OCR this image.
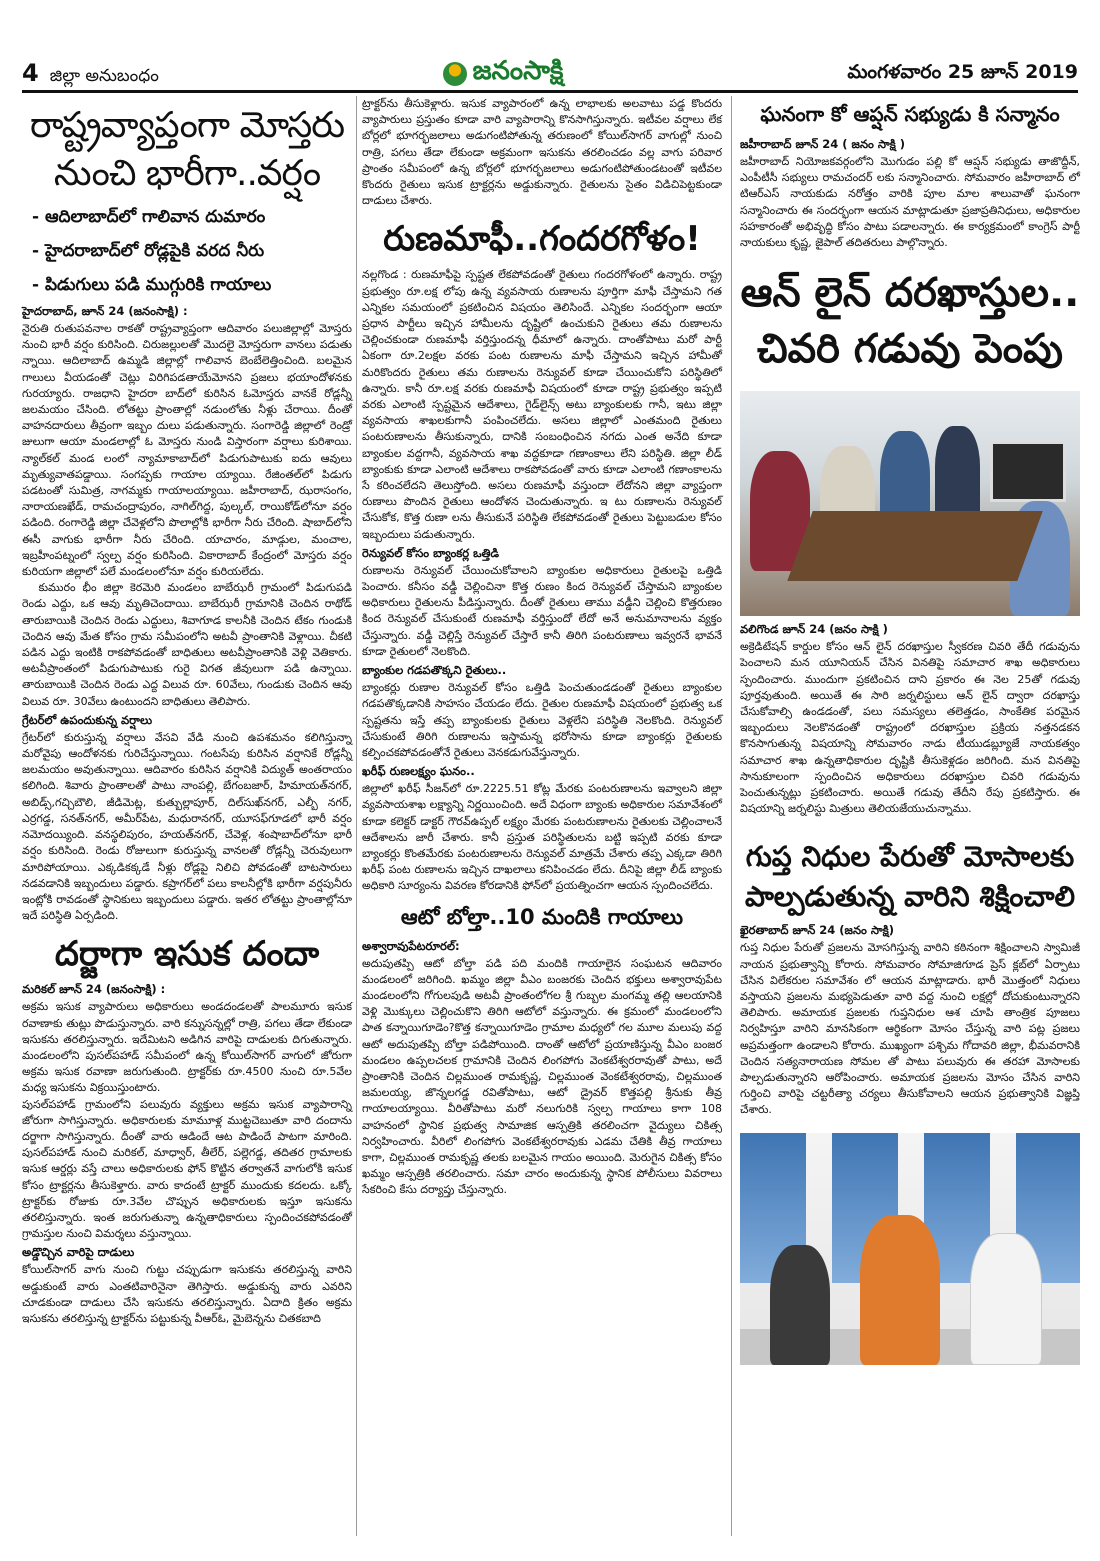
4 జిల్లా అనుబంధం	జనంసాక్షి	మంగళవారం 25 జూన్ 2019
రాష్ట్రవ్యాప్తంగా మోస్తరు నుంచి భారీగా..వర్షం
- ఆదిలాబాద్‌లో గాలివాన దుమారం
- హైదరాబాద్‌లో రోడ్లపైకి వరద నీరు
- పిడుగులు పడి ముగ్గురికి గాయాలు

హైదరాబాద్‌, జూన్‌ 24 (జనంసాక్షి) :

నైరుతి రుతుపవనాల రాకతో రాష్ట్రవ్యాప్తంగా ఆదివారం పలుజిల్లాల్లో మోస్తరు నుంచి భారీ వర్షం కురిసింది. చిరుజల్లులతో మొదలై మోస్తరుగా వానలు పడుతు న్నాయి. ఆదిలాబాద్‌ ఉమ్మడి జిల్లాల్లో గాలివాన బెంబేలెత్తించింది. బలమైన గాలులు వీయడంతో చెట్లు విరిగిపడతాయేమోనని ప్రజలు భయాందోళనకు గురయ్యారు. రాజధాని హైదరా బాద్‌లో కురిసిన ఓమోస్తరు వానకే రోడ్లన్నీ జలమయం చేసింది. లోతట్టు ప్రాంతాల్లో నడుంలోతు నీళ్లు చేరాయి. దీంతో వాహనదారులు తీవ్రంగా ఇబ్బం దులు పడుతున్నారు. సంగారెడ్డి జిల్లాలో రెండ్రో జులుగా ఆయా మండలాల్లో ఓ మోస్తరు నుండి విస్తారంగా వర్షాలు కురిశాయి. న్యాల్‌కల్‌ మండ లంలో న్యామాకాబాద్‌లో పిడుగుపాటుకు ఐదు ఆవులు మృత్యువాతపడ్డాయి. సంగప్పకు గాయాల య్యాయి. రేజింతల్‌లో పిడుగు పడటంతో సుమిత్ర, నాగమ్మకు గాయాలయ్యాయి. జహీరాబాద్‌, ఝరాసంగం, నారాయణఖేడ్‌, రామచంద్రాపురం, నాగిల్‌గిద్ద, పుల్కల్‌, రాయికోడ్‌లోనూ వర్షం పడింది. రంగారెడ్డి జిల్లా చేవెళ్లలోని పొలాల్లోకి భారీగా నీరు చేరింది. షాబాద్‌లోని ఈసీ వాగుకు భారీగా నీరు చేరింది. యాచారం, మాడ్గుల, మంచాల, ఇబ్రహీంపట్నంలో స్వల్ప వర్షం కురిసింది. వికారాబాద్‌ కేంద్రంలో మోస్తరు వర్షం కురియగా జిల్లాలో పలే మండలంలోనూ వర్షం కురియలేదు.

కుమురం భీం జిల్లా కెరమెరి మండలం బాబేఝరీ గ్రామంలో పిడుగుపడి రెండు ఎద్దు, ఒక ఆవు మృతిచెందాయి. బాబేఝరీ గ్రామానికి చెందిన రాథోడ్‌ తారుబాయికి చెందిన రెండు ఎద్దులు, శివాగూడ కాలనీకి చెందిన టేకం గుండుకి చెందిన ఆవు మేత కోసం గ్రామ సమీపంలోని అటవీ ప్రాంతానికి వెళ్లాయి. చీకటి పడిన ఎద్దు ఇంటికి రాకపోవడంతో బాధితులు అటవీప్రాంతానికి వెళ్లి వెతికారు. అటవీప్రాంతంలో పిడుగుపాటుకు గురై విగత జీవులుగా పడి ఉన్నాయి. తారుబాయికి చెందిన రెండు ఎద్ద విలువ రూ. 60వేలు, గుండుకు చెందిన ఆవు విలువ రూ. 30వేలు ఉంటుందని బాధితులు తెలిపారు.

గ్రేటర్‌లో ఉపందుకున్న వర్షాలు

గ్రేటర్‌లో కురుస్తున్న వర్షాలు వేసవి వేడి నుంచి ఉపశమనం కలిగిస్తున్నా మరోవైపు ఆందోళనకు గురిచేస్తున్నాయి. గంటసేపు కురిసిన వర్షానికే రోడ్లన్నీ జలమయం అవుతున్నాయి. ఆదివారం కురిసిన వర్షానికి విద్యుత్‌ అంతరాయం కలిగింది. శివారు ప్రాంతాలతో పాటు నాంపల్లి, బేగంబజార్‌, హిమాయత్‌నగర్‌, అబిడ్స్‌,గచ్చిబౌలి, జీడిమెట్ల, కుత్బుల్లాపూర్‌, దిల్‌సుఖ్‌నగర్‌, ఎల్బీ నగర్‌, ఎర్రగడ్డ, సనత్‌నగర్‌, అమీర్‌పేట, మధురానగర్‌, యూసఫ్‌గూడలో భారీ వర్షం నమోదయ్యింది. వనస్థలిపురం, హయత్‌నగర్‌, చేవెళ్ల, శంషాబాద్‌లోనూ భారీ వర్షం కురిసింది. రెండు రోజులుగా కురుస్తున్న వానలతో రోడ్లన్నీ చెరువులుగా మారిపోయాయి. ఎక్కడికక్కడే నీళ్లు రోడ్లపై నిలిచి పోవడంతో బాటసారులు నడవడానికి ఇబ్బందులు పడ్డారు. కప్రాగర్‌లో పలు కాలనీల్లోకి భారీగా వర్షపునీరు ఇంట్లోకి రావడంతో స్థానికులు ఇబ్బందులు పడ్డారు. ఇతర లోతట్టు ప్రాంతాల్లోనూ ఇదే పరిస్థితి ఏర్పడింది.

దర్జాగా ఇసుక దందా

మరికల్‌ జూన్‌ 24 (జనంసాక్షి) :

అక్రమ ఇసుక వ్యాపారులు అధికారులు అండదండలతో పాలమూరు ఇసుక రవాణాకు తుట్లు పొడుస్తున్నారు. వారి కన్నుసన్నల్లో రాత్రి, పగలు తేడా లేకుండా ఇసుకను తరలిస్తున్నారు. ఇదేమిటని అడిగిన వారిపై దాడులకు దిగుతున్నారు. మండలంలోని పుసల్‌పహాడ్‌ సమీపంలో ఉన్న కోయిల్‌సాగర్‌ వాగులో జోరుగా అక్రమ ఇసుక రవాణా జరుగుతుంది. ట్రాక్టర్‌కు రూ.4500 నుంచి రూ.5వేల మధ్య ఇసుకను విక్రయిస్తుంటారు.

పుసల్‌పహాడ్‌ గ్రామంలోని పలువురు వ్యక్తులు అక్రమ ఇసుక వ్యాపారాన్ని జోరుగా సాగిస్తున్నారు. అధికారులకు మామూళ్ల ముట్టచెబుతూ వారి దందాను దర్జాగా సాగిస్తున్నారు. దీంతో వారు ఆడిందే ఆట పాడిందే పాటగా మారింది. పుసల్‌పహాడ్‌ నుంచి మరికల్‌, మాధ్వార్‌, తీలేర్‌, పల్లెగడ్డ, తదితర గ్రామాలకు ఇసుక ఆర్డర్లు వస్తే చాలు అధికారులకు ఫోన్‌ కొట్టిన తర్వాతనే వాగులోకి ఇసుక కోసం ట్రాక్టర్లను తీసుకెళ్తారు. వారు కాదంటే ట్రాక్టర్‌ ముందుకు కదలదు. ఒక్కో ట్రాక్టర్‌కు రోజుకు రూ.3వేల చొప్పున అధికారులకు ఇస్తూ ఇసుకను తరలిస్తున్నారు. ఇంత జరుగుతున్నా ఉన్నతాధికారులు స్పందించకపోవడంతో గ్రామస్తుల నుంచి విమర్శలు వస్తున్నాయి.

అడ్డొచ్చిన వారిపై దాడులు

కోయిల్‌సాగర్‌ వాగు నుంచి గుట్టు చప్పుడుగా ఇసుకను తరలిస్తున్న వారిని అడ్డుకుంటే వారు ఎంతటివారినైనా తెగిస్తారు. అడ్డుకున్న వారు ఎవరిని చూడకుండా దాడులు చేసి ఇసుకను తరలిస్తున్నారు. ఏదాది క్రితం అక్రమ ఇసుకను తరలిస్తున్న ట్రాక్టర్‌ను పట్టుకున్న వీఆర్‌ఓ, మైబెన్నను చితకబాది

ట్రాక్టర్‌ను తీసుకెళ్లారు. ఇసుక వ్యాపారంలో ఉన్న లాభాలకు అలవాటు పడ్డ కొందరు వ్యాపారులు ప్రస్తుతం కూడా వారి వ్యాపారాన్ని కొనసాగిస్తున్నారు. ఇటీవల వర్షాలు లేక బోర్లలో భూగర్భజలాలు అడుగంటిపోతున్న తరుణంలో కోయిల్‌సాగర్‌ వాగుల్లో నుంచి రాత్రి, పగలు తేడా లేకుండా అక్రమంగా ఇసుకను తరలించడం వల్ల వాగు పరివార ప్రాంతం సమీపంలో ఉన్న బోర్లలో భూగర్భజలాలు అడుగంటిపోతుండటంతో ఇటీవల కొందరు రైతులు ఇసుక ట్రాక్టర్లను అడ్డుకున్నారు. రైతులను సైతం విడిచిపెట్టకుండా దాడులు చేశారు.

రుణమాఫీ..గందరగోళం!

నల్లగొండ : రుణమాఫీపై స్పష్టత లేకపోవడంతో రైతులు గందరగోళంలో ఉన్నారు. రాష్ట్ర ప్రభుత్వం రూ.లక్ష లోపు ఉన్న వ్యవసాయ రుణాలను పూర్తిగా మాఫీ చేస్తామని గత ఎన్నికల సమయంలో ప్రకటించిన విషయం తెలిసిందే. ఎన్నికల సందర్భంగా ఆయా ప్రధాన పార్టీలు ఇచ్చిన హామీలను దృష్టిలో ఉంచుకుని రైతులు తమ రుణాలను చెల్లించకుండా రుణమాఫీ వర్తిస్తుందన్న ధీమాలో ఉన్నారు. దాంతోపాటు మరో పార్టీ ఏకంగా రూ.2లక్షల వరకు పంట రుణాలను మాఫీ చేస్తామని ఇచ్చిన హామీతో మరికొందరు రైతులు తమ రుణాలను రెన్యువల్‌ కూడా చేయించుకోని పరిస్థితిలో ఉన్నారు. కానీ రూ.లక్ష వరకు రుణమాఫీ విషయంలో కూడా రాష్ట్ర ప్రభుత్వం ఇప్పటి వరకు ఎలాంటి స్పష్టమైన ఆదేశాలు, గైడ్‌లైన్స్‌ అటు బ్యాంకులకు గానీ, ఇటు జిల్లా వ్యవసాయ శాఖలకుగానీ పంపించలేదు. అసలు జిల్లాలో ఎంతమంది రైతులు పంటరుణాలను తీసుకున్నారు, దానికి సంబంధించిన నగదు ఎంత అనేది కూడా బ్యాంకుల వద్దగానీ, వ్యవసాయ శాఖ వద్దకూడా గణాంకాలు లేని పరిస్థితి. జిల్లా లీడ్‌ బ్యాంకుకు కూడా ఎలాంటి ఆదేశాలు రాకపోవడంతో వారు కూడా ఎలాంటి గణాంకాలను సే కరించలేదని తెలుస్తోంది. అసలు రుణమాఫీ వస్తుందా లేదోనని జిల్లా వ్యాప్తంగా రుణాలు పొందిన రైతులు ఆందోళన చెందుతున్నారు. ఇ టు రుణాలను రెన్యువల్‌ చేసుకోక, కొత్త రుణా లను తీసుకునే పరిస్థితి లేకపోవడంతో రైతులు పెట్టుబడుల కోసం ఇబ్బందులు పడుతున్నారు.

రెన్యువల్‌ కోసం బ్యాంకర్ల ఒత్తిడి

రుణాలను రెన్యువల్‌ చేయించుకోవాలని బ్యాంకుల అధికారులు రైతులపై ఒత్తిడి పెంచారు. కనీసం వడ్డీ చెల్లించినా కొత్త రుణం కింద రెన్యువల్‌ చేస్తామని బ్యాంకుల అధికారులు రైతులను పీడిస్తున్నారు. దీంతో రైతులు తాము వడ్డీని చెల్లించి కొత్తరుణం కింద రెన్యువల్‌ చేసుకుంటే రుణమాఫీ వర్తిస్తుందో లేదో అనే అనుమానాలను వ్యక్తం చేస్తున్నారు. వడ్డీ చెల్లిస్తే రెన్యువల్‌ చేస్తారే కానీ తిరిగి పంటరుణాలు ఇవ్వరనే భావనే కూడా రైతులలో నెలకొంది.

బ్యాంకుల గడపతొక్కని రైతులు..

బ్యాంకర్లు రుణాల రెన్యువల్‌ కోసం ఒత్తిడి పెంచుతుండడంతో రైతులు బ్యాంకుల గడపతొక్కడానికి సాహసం చేయడం లేదు. రైతుల రుణమాఫీ విషయంలో ప్రభుత్వ ఒక స్పష్టతను ఇస్తే తప్ప బ్యాంకులకు రైతులు వెళ్లలేని పరిస్థితి నెలకొంది. రెన్యువల్‌ చేసుకుంటే తిరిగి రుణాలను ఇస్తామన్న భరోసాను కూడా బ్యాంకర్లు రైతులకు కల్పించకపోవడంతోనే రైతులు వెనకడుగువేస్తున్నారు.

ఖరీఫ్‌ రుణలక్ష్యం ఘనం..

జిల్లాలో ఖరీఫ్‌ సీజన్‌లో రూ.2225.51 కోట్ల మేరకు పంటరుణాలను ఇవ్వాలని జిల్లా వ్యవసాయశాఖ లక్ష్యాన్ని నిర్ణయించింది. అదే విధంగా బ్యాంకు అధికారుల సమావేశంలో కూడా కలెక్టర్‌ డాక్టర్‌ గౌరవ్‌ఉప్పల్‌ లక్ష్యం మేరకు పంటరుణాలను రైతులకు చెల్లించాలనే ఆదేశాలను జారీ చేశారు. కానీ ప్రస్తుత పరిస్థితులను బట్టి ఇప్పటి వరకు కూడా బ్యాంకర్లు కొంతమేరకు పంటరుణాలను రెన్యువల్‌ మాత్రమే చేశారు తప్ప ఎక్కడా తిరిగి ఖరీఫ్‌ పంట రుణాలను ఇచ్చిన దాఖలాలు కనిపించడం లేదు. దీనిపై జిల్లా లీడ్‌ బ్యాంకు అధికారి సూర్యంను వివరణ కోరడానికి ఫోన్‌లో ప్రయత్నించగా ఆయన స్పందించలేదు.

ఆటో బోల్తా..10 మందికి గాయాలు

అశ్వారావుపేటరూరల్‌:

అదుపుతప్పి ఆటో బోల్తా పడి పది మందికి గాయాలైన సంఘటన ఆదివారం మండలంలో జరిగింది. ఖమ్మం జిల్లా వీఎం బంజరకు చెందిన భక్తులు అశ్వారావుపేట మండలంలోని గోగులపుడి అటవీ ప్రాంతంలోగల శ్రీ గుబ్బల మంగమ్మ తల్లి ఆలయానికి వెళ్లి మొక్కులు చెల్లించుకొని తిరిగి ఆటోలో వస్తున్నారు. ఈ క్రమంలో మండలంలోని పాత కన్నాయిగూడెం?కొత్త కన్నాయిగూడెం గ్రామాల మధ్యలో గల మూల మలుపు వద్ద ఆటో అదుపుతప్పి బోల్తా పడిపోయింది. దాంతో ఆటోలో ప్రయాణిస్తున్న వీఎం బంజర మండలం ఉప్పలచలక గ్రామానికి చెందిన లింగపోగు వెంకటేశ్వరరావుతో పాటు, అదే ప్రాంతానికి చెందిన చిల్లముంత రామకృష్ణ, చిల్లముంత వెంకటేశ్వరరావు, చిల్లముంత జమలయ్య, జొన్నలగడ్డ రవితోపాటు, ఆటో డ్రైవర్‌ కొత్తపల్లి శ్రీనుకు తీవ్ర గాయాలయ్యాయి. వీరితోపాటు మరో నలుగురికి స్వల్ప గాయాలు కాగా 108 వాహనంలో స్థానిక ప్రభుత్వ సామాజిక ఆస్పత్రికి తరలించగా వైద్యులు చికిత్స నిర్వహించారు. వీరిలో లింగపోగు వెంకటేశ్వరరావుకు ఎడమ చేతికి తీవ్ర గాయాలు కాగా, చిల్లముంత రామకృష్ణ తలకు బలమైన గాయం అయింది. మెరుగైన చికిత్స కోసం ఖమ్మం ఆస్పత్రికి తరలించారు. సమా చారం అందుకున్న స్థానిక పోలీసులు వివరాలు సేకరించి కేసు దర్యాప్తు చేస్తున్నారు.

ఘనంగా కో ఆప్షన్‌ సభ్యుడు కి సన్మానం

జహీరాబాద్‌ జూన్‌ 24 ( జనం సాక్షి )

జహీరాబాద్‌ నియోజకవర్గంలోని మొగుడం పల్లి కో ఆప్షన్‌ సభ్యుడు తాజొద్దీన్‌, ఎంపీటీసీ సభ్యులు రామచందర్‌ లకు సన్మానించారు. సోమవారం జహీరాబాద్‌ లో టిఆర్‌ఎస్‌ నాయకుడు నరోత్తం వారికి పూల మాల శాలువాతో ఘనంగా సన్మానించారు ఈ సందర్భంగా ఆయన మాట్లాడుతూ ప్రజాప్రతినిధులు, అధికారుల సహకారంతో అభివృద్ధి కోసం పాటు పడాలన్నారు. ఈ కార్యక్రమంలో కాంగ్రెస్‌ పార్టీ నాయకులు కృష్ణ, జైపాల్‌ తదితరులు పాల్గొన్నారు.

ఆన్‌ లైన్‌ దరఖాస్తుల.. చివరి గడువు పెంపు

వలిగొండ జూన్‌ 24 (జనం సాక్షి )

అక్రెడిటేషన్‌ కార్డుల కోసం ఆన్‌ లైన్‌ దరఖాస్తుల స్వీకరణ చివరి తేదీ గడువును పెంచాలని మన యూనియన్‌ చేసిన వినతిపై సమాచార శాఖ అధికారులు స్పందించారు. ముందుగా ప్రకటించిన దాని ప్రకారం ఈ నెల 25తో గడువు పూర్తవుతుంది. అయితే ఈ సారి జర్నలిస్టులు ఆన్‌ లైన్‌ ద్వారా దరఖాస్తు చేసుకోవాల్సి ఉండడంతో, పలు సమస్యలు తలెత్తడం, సాంకేతిక పరమైన ఇబ్బందులు నెలకొనడంతో రాష్ట్రంలో దరఖాస్తుల ప్రక్రియ నత్తనడకన కొనసాగుతున్న విషయాన్ని సోమవారం నాడు టీయుడబ్ల్యూజే నాయకత్వం సమాచార శాఖ ఉన్నతాధికారుల దృష్టికి తీసుకెళ్లడం జరిగింది. మన వినతిపై సానుకూలంగా స్పందించిన అధికారులు దరఖాస్తుల చివరి గడువును పెంచుతున్నట్లు ప్రకటించారు. అయితే గడువు తేదీని రేపు ప్రకటిస్తారు. ఈ విషయాన్ని జర్నలిస్టు మిత్రులు తెలియజేయుచున్నాము.

గుప్త నిధుల పేరుతో మోసాలకు పాల్పడుతున్న వారిని శిక్షించాలి

ఖైరతాబాద్‌ జూన్‌ 24 (జనం సాక్షి)

గుప్త నిధుల పేరుతో ప్రజలను మోసగిస్తున్న వారిని కఠినంగా శిక్షించాలని స్వామిజీ నాయన ప్రభుత్వాన్ని కోరారు. సోమవారం సోమాజిగూడ ప్రెస్‌ క్లబ్‌లో ఏర్పాటు చేసిన విలేకరుల సమావేశం లో ఆయన మాట్లాడారు. భారీ మొత్తంలో నిధులు వస్తాయని ప్రజలను మభ్యపెడుతూ వారి వద్ద నుంచి లక్షల్లో దోచుకుంటున్నారని తెలిపారు. అమాయక ప్రజలకు గుప్తనిధుల ఆశ చూపి తాంత్రిక పూజలు నిర్వహిస్తూ వారిని మానసికంగా ఆర్థికంగా మోసం చేస్తున్న వారి పట్ల ప్రజలు అప్రమత్తంగా ఉండాలని కోరారు. ముఖ్యంగా పశ్చిమ గోదావరి జిల్లా, భీమవరానికి చెందిన సత్యనారాయణ సోమల తో పాటు పలువురు ఈ తరహా మోసాలకు పాల్పడుతున్నారని ఆరోపించారు. అమాయక ప్రజలను మోసం చేసిన వారిని గుర్తించి వారిపై చట్టరీత్యా చర్యలు తీసుకోవాలని ఆయన ప్రభుత్వానికి విజ్ఞప్తి చేశారు.
